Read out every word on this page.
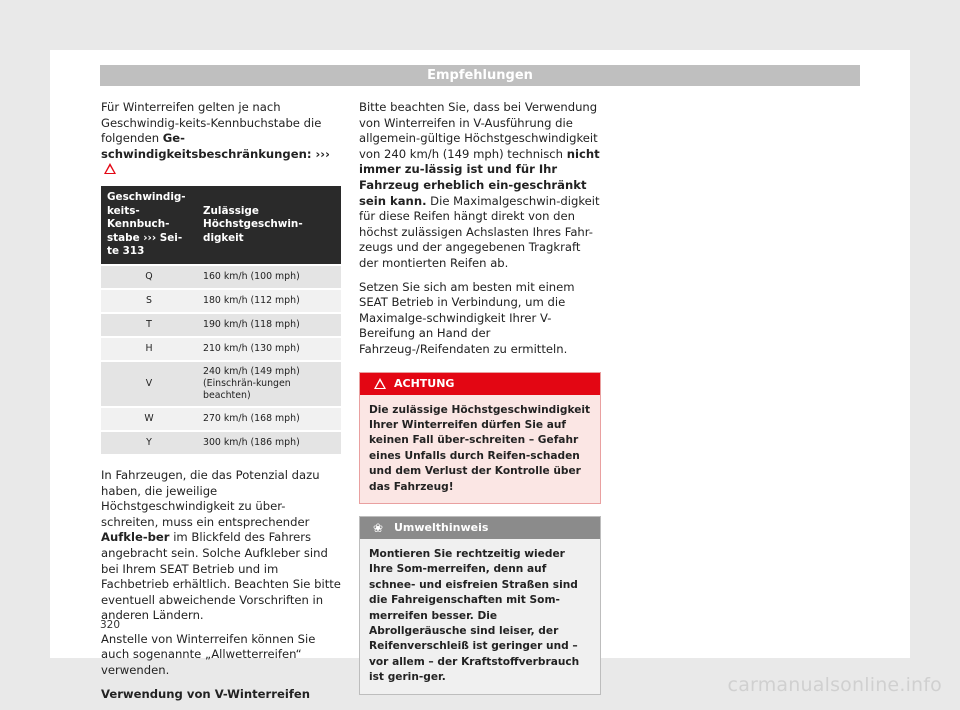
Empfehlungen

Für Winterreifen gelten je nach Geschwindig-keits-Kennbuchstabe die folgenden Ge-schwindigkeitsbeschränkungen: ›››

Geschwindig-keits-Kennbuch-stabe ››› Sei-te 313	Zulässige Höchstgeschwin-digkeit
Q	160 km/h (100 mph)
S	180 km/h (112 mph)
T	190 km/h (118 mph)
H	210 km/h (130 mph)
V	240 km/h (149 mph) (Einschrän-kungen beachten)
W	270 km/h (168 mph)
Y	300 km/h (186 mph)

In Fahrzeugen, die das Potenzial dazu haben, die jeweilige Höchstgeschwindigkeit zu über-schreiten, muss ein entsprechender Aufkle-ber im Blickfeld des Fahrers angebracht sein. Solche Aufkleber sind bei Ihrem SEAT Betrieb und im Fachbetrieb erhältlich. Beachten Sie bitte eventuell abweichende Vorschriften in anderen Ländern.

Anstelle von Winterreifen können Sie auch sogenannte „Allwetterreifen“ verwenden.

Verwendung von V-Winterreifen

Bitte beachten Sie, dass bei Verwendung von Winterreifen in V-Ausführung die allgemein-gültige Höchstgeschwindigkeit von 240 km/h (149 mph) technisch nicht immer zu-lässig ist und für Ihr Fahrzeug erheblich ein-geschränkt sein kann. Die Maximalgeschwin-digkeit für diese Reifen hängt direkt von den höchst zulässigen Achslasten Ihres Fahr-zeugs und der angegebenen Tragkraft der montierten Reifen ab.

Setzen Sie sich am besten mit einem SEAT Betrieb in Verbindung, um die Maximalge-schwindigkeit Ihrer V-Bereifung an Hand der Fahrzeug-/Reifendaten zu ermitteln.

ACHTUNG
Die zulässige Höchstgeschwindigkeit Ihrer Winterreifen dürfen Sie auf keinen Fall über-schreiten – Gefahr eines Unfalls durch Reifen-schaden und dem Verlust der Kontrolle über das Fahrzeug!
❀ Umwelthinweis
Montieren Sie rechtzeitig wieder Ihre Som-merreifen, denn auf schnee- und eisfreien Straßen sind die Fahreigenschaften mit Som-merreifen besser. Die Abrollgeräusche sind leiser, der Reifenverschleiß ist geringer und – vor allem – der Kraftstoffverbrauch ist gerin-ger.
320
carmanualsonline.info
